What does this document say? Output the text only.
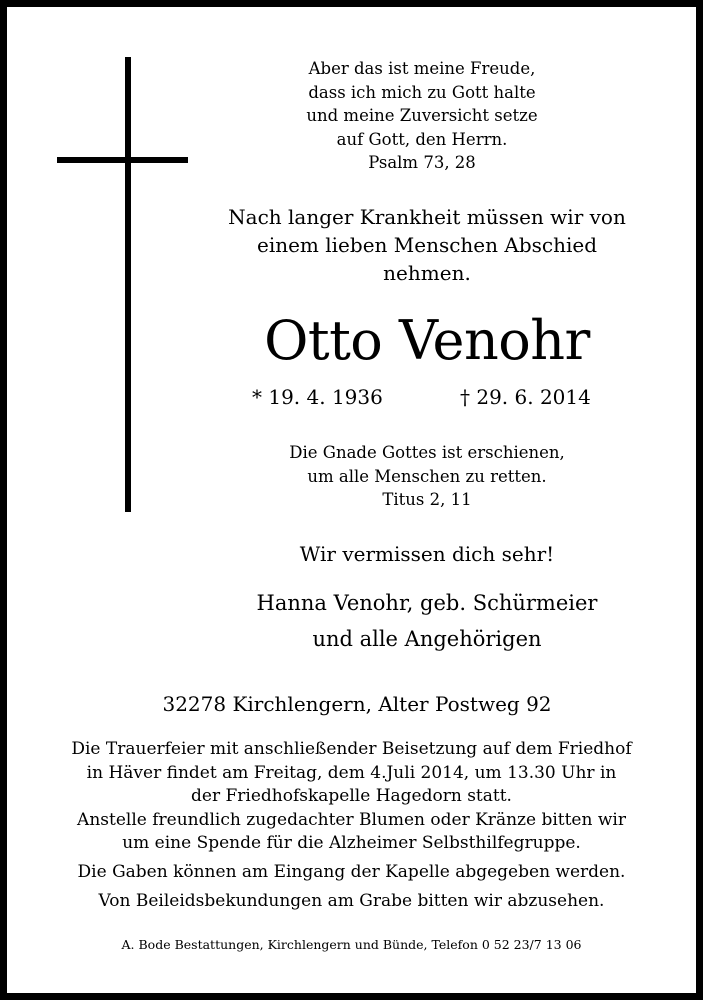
Aber das ist meine Freude,
dass ich mich zu Gott halte
und meine Zuversicht setze
auf Gott, den Herrn.
Psalm 73, 28
Nach langer Krankheit müssen wir von
einem lieben Menschen Abschied
nehmen.
Otto Venohr
* 19. 4. 1936	† 29. 6. 2014
Die Gnade Gottes ist erschienen,
um alle Menschen zu retten.
Titus 2, 11
Wir vermissen dich sehr!
Hanna Venohr, geb. Schürmeier
und alle Angehörigen
32278 Kirchlengern, Alter Postweg 92
Die Trauerfeier mit anschließender Beisetzung auf dem Friedhof
in Häver findet am Freitag, dem 4.Juli 2014, um 13.30 Uhr in
der Friedhofskapelle Hagedorn statt.
Anstelle freundlich zugedachter Blumen oder Kränze bitten wir
um eine Spende für die Alzheimer Selbsthilfegruppe.
Die Gaben können am Eingang der Kapelle abgegeben werden.
Von Beileidsbekundungen am Grabe bitten wir abzusehen.
A. Bode Bestattungen, Kirchlengern und Bünde, Telefon 0 52 23/7 13 06
